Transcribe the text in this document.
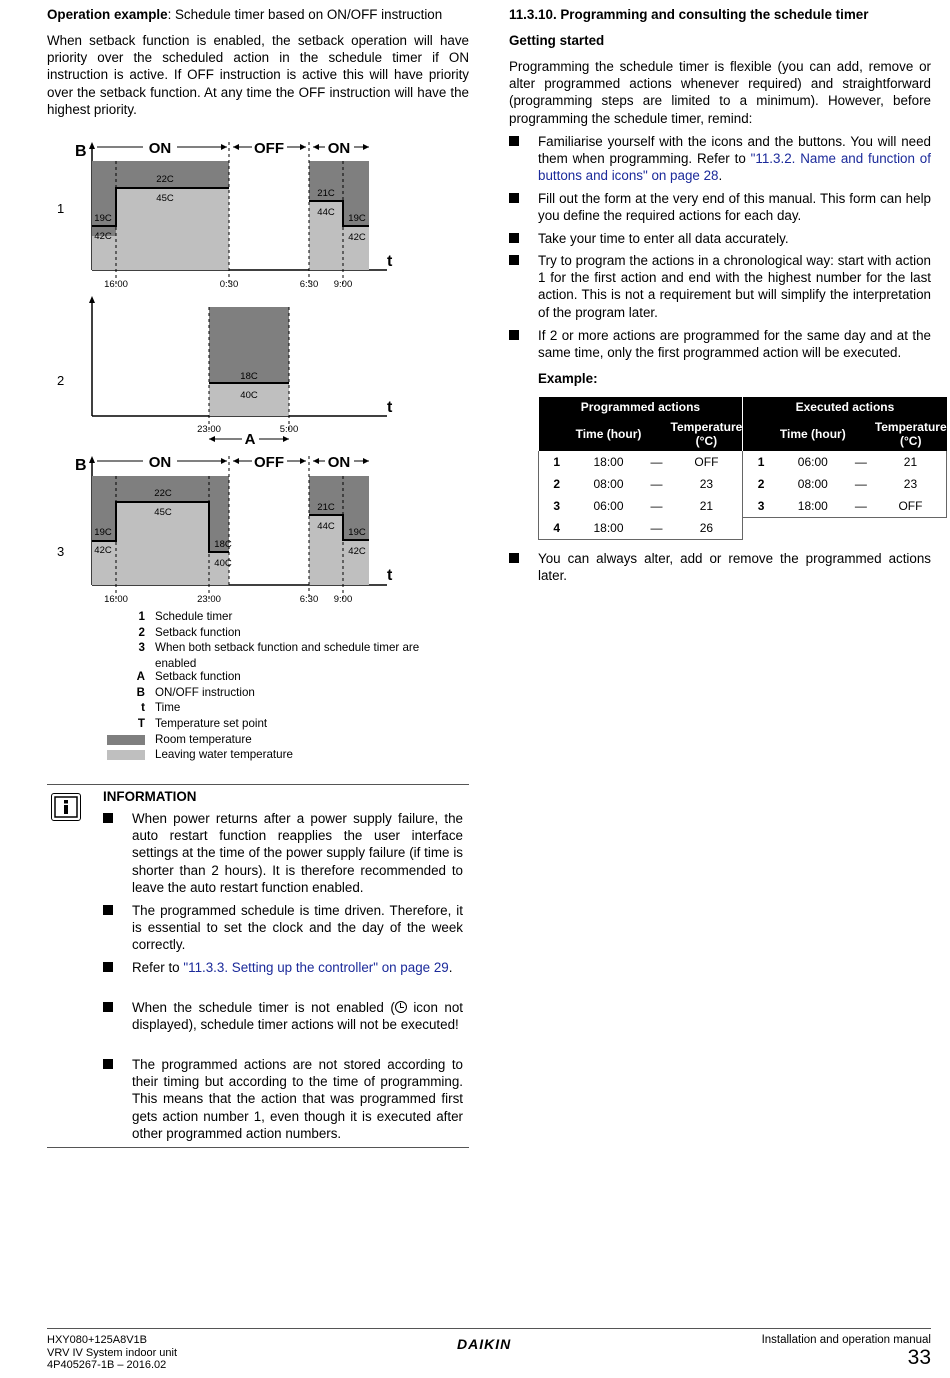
Operation example: Schedule timer based on ON/OFF instruction

When setback function is enabled, the setback operation will have priority over the scheduled action in the schedule timer if ON instruction is active. If OFF instruction is active this will have priority over the setback function. At any time the OFF instruction will have the highest priority.

1
2
3
B	ON	OFF	ON
22C
45C
19C
42C
21C
44C
19C
42C
t
16:00	0:30	6:30 9:00
18C
40C
t
23:00	5:00
A
B	ON	OFF	ON
22C
45C
19C
42C
18C
40C
21C
44C
19C
42C
t
16:00	23:00	6:30 9:00
1 Schedule timer
2 Setback function
3 When both setback function and schedule timer are enabled
A Setback function
B ON/OFF instruction
t Time
T Temperature set point
Room temperature
Leaving water temperature
INFORMATION

When power returns after a power supply failure, the auto restart function reapplies the user interface settings at the time of the power supply failure (if time is shorter than 2 hours). It is therefore recommended to leave the auto restart function enabled.

The programmed schedule is time driven. Therefore, it is essential to set the clock and the day of the week correctly.

Refer to "11.3.3. Setting up the controller" on page 29.

When the schedule timer is not enabled (
icon not displayed), schedule timer actions will not be executed!

The programmed actions are not stored according to their timing but according to the time of programming. This means that the action that was programmed first gets action number 1, even though it is executed after other programmed action numbers.

11.3.10. Programming and consulting the schedule timer
Getting started

Programming the schedule timer is flexible (you can add, remove or alter programmed actions whenever required) and straightforward (programming steps are limited to a minimum). However, before programming the schedule timer, remind:

Familiarise yourself with the icons and the buttons. You will need them when programming. Refer to "11.3.2. Name and function of buttons and icons" on page 28.

Fill out the form at the very end of this manual. This form can help you define the required actions for each day.

Take your time to enter all data accurately.

Try to program the actions in a chronological way: start with action 1 for the first action and end with the highest number for the last action. This is not a requirement but will simplify the interpretation of the program later.

If 2 or more actions are programmed for the same day and at the same time, only the first programmed action will be executed.

Example:

You can always alter, add or remove the programmed actions later.

Programmed actions				Executed actions			
	Time (hour)		Temperature (°C)		Time (hour)		Temperature (°C)
1	18:00	—	OFF	1	06:00	—	21
2	08:00	—	23	2	08:00	—	23
3	06:00	—	21	3	18:00	—	OFF
4	18:00	—	26				
HXY080+125A8V1B
VRV IV System indoor unit
4P405267-1B – 2016.02
DAIKIN	Installation and operation manual
33
